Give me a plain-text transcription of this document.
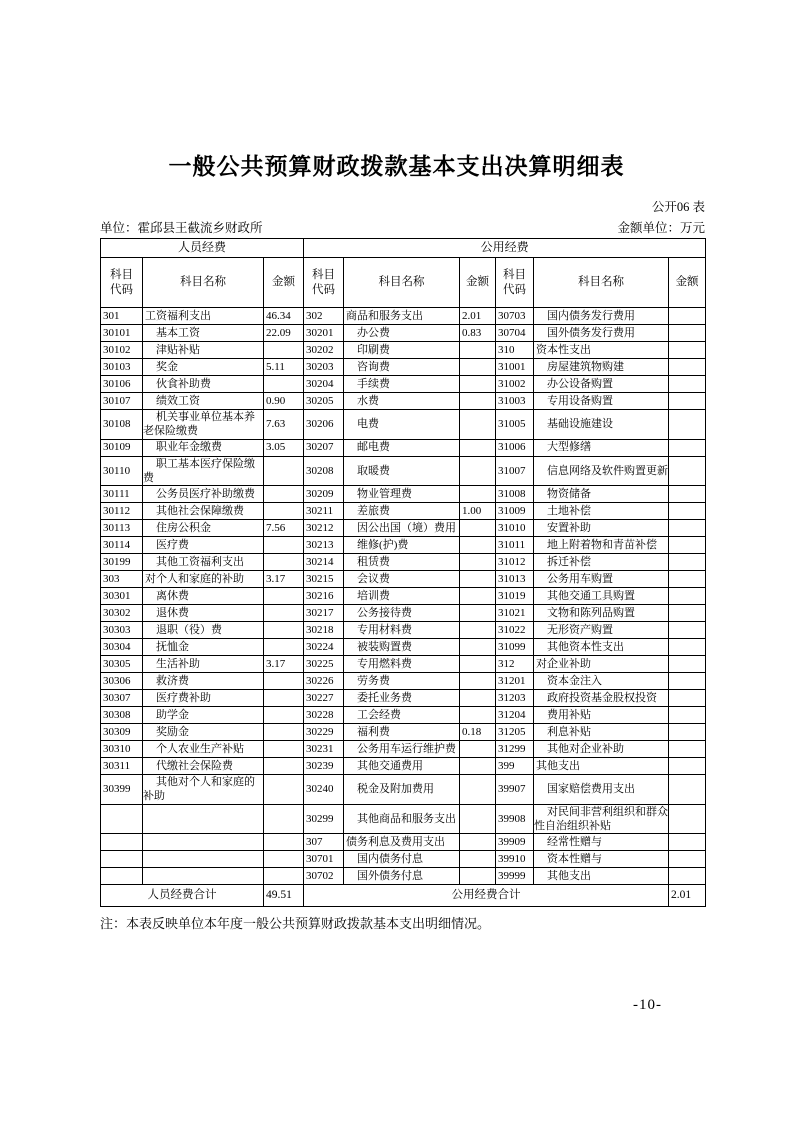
一般公共预算财政拨款基本支出决算明细表
公开06 表
单位：霍邱县王截流乡财政所	金额单位：万元
人员经费			公用经费					
科目代码	科目名称	金额	科目代码	科目名称	金额	科目代码	科目名称	金额
301	工资福利支出	46.34	302	商品和服务支出	2.01	30703	国内债务发行费用	
30101	基本工资	22.09	30201	办公费	0.83	30704	国外债务发行费用	
30102	津贴补贴		30202	印刷费		310	资本性支出	
30103	奖金	5.11	30203	咨询费		31001	房屋建筑物购建	
30106	伙食补助费		30204	手续费		31002	办公设备购置	
30107	绩效工资	0.90	30205	水费		31003	专用设备购置	
30108	机关事业单位基本养老保险缴费	7.63	30206	电费		31005	基础设施建设	
30109	职业年金缴费	3.05	30207	邮电费		31006	大型修缮	
30110	职工基本医疗保险缴费		30208	取暖费		31007	信息网络及软件购置更新	
30111	公务员医疗补助缴费		30209	物业管理费		31008	物资储备	
30112	其他社会保障缴费		30211	差旅费	1.00	31009	土地补偿	
30113	住房公积金	7.56	30212	因公出国（境）费用		31010	安置补助	
30114	医疗费		30213	维修(护)费		31011	地上附着物和青苗补偿	
30199	其他工资福利支出		30214	租赁费		31012	拆迁补偿	
303	对个人和家庭的补助	3.17	30215	会议费		31013	公务用车购置	
30301	离休费		30216	培训费		31019	其他交通工具购置	
30302	退休费		30217	公务接待费		31021	文物和陈列品购置	
30303	退职（役）费		30218	专用材料费		31022	无形资产购置	
30304	抚恤金		30224	被装购置费		31099	其他资本性支出	
30305	生活补助	3.17	30225	专用燃料费		312	对企业补助	
30306	救济费		30226	劳务费		31201	资本金注入	
30307	医疗费补助		30227	委托业务费		31203	政府投资基金股权投资	
30308	助学金		30228	工会经费		31204	费用补贴	
30309	奖励金		30229	福利费	0.18	31205	利息补贴	
30310	个人农业生产补贴		30231	公务用车运行维护费		31299	其他对企业补助	
30311	代缴社会保险费		30239	其他交通费用		399	其他支出	
30399	其他对个人和家庭的补助		30240	税金及附加费用		39907	国家赔偿费用支出	
			30299	其他商品和服务支出		39908	对民间非营利组织和群众性自治组织补贴	
			307	债务利息及费用支出		39909	经常性赠与	
			30701	国内债务付息		39910	资本性赠与	
			30702	国外债务付息		39999	其他支出	
人员经费合计		49.51	公用经费合计					2.01
注：本表反映单位本年度一般公共预算财政拨款基本支出明细情况。
-10-
